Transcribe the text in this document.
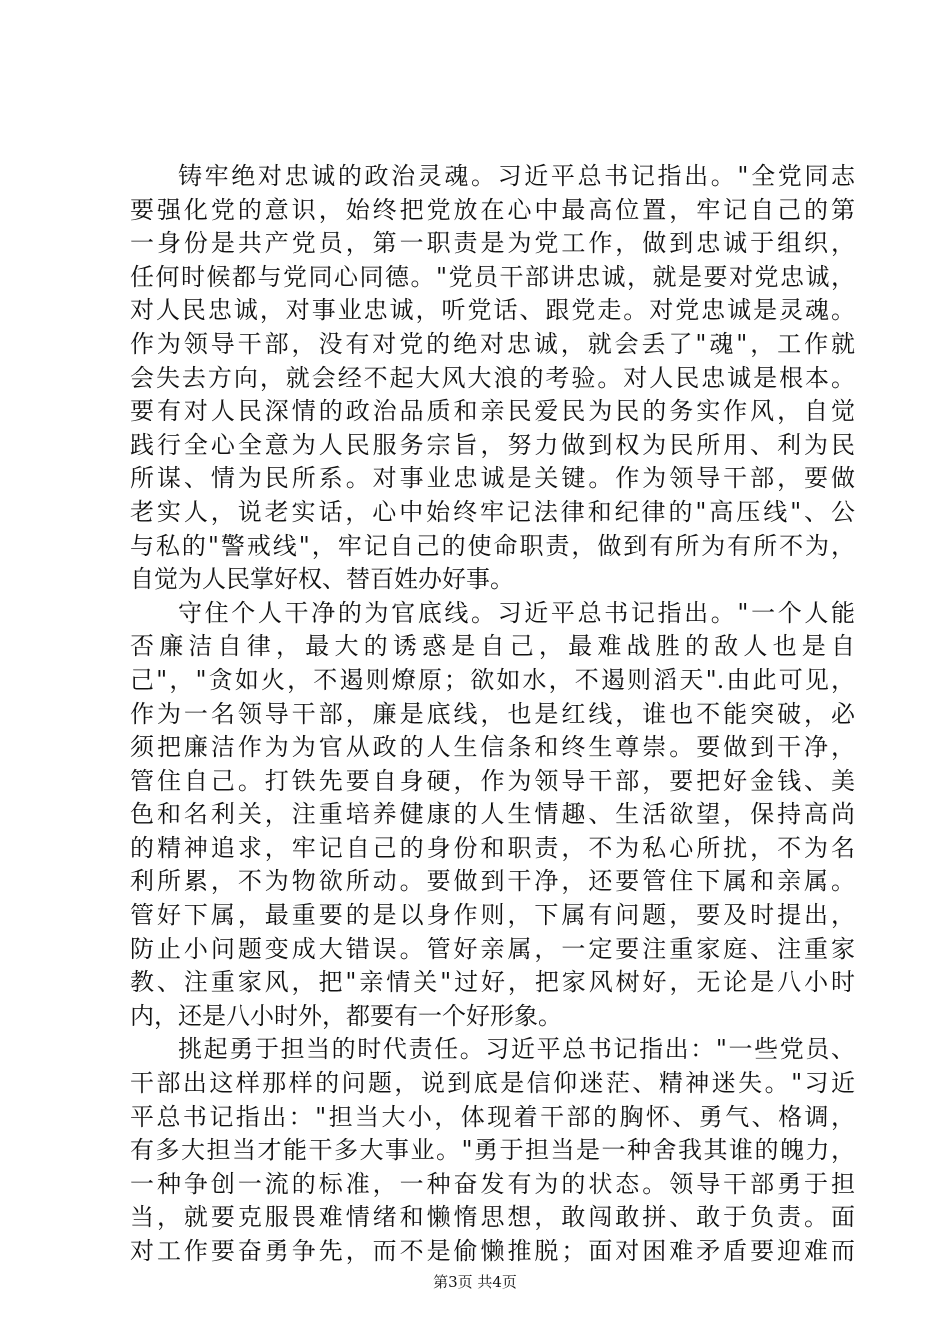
铸牢绝对忠诚的政治灵魂。习近平总书记指出。"全党同志
要强化党的意识，始终把党放在心中最高位置，牢记自己的第
一身份是共产党员，第一职责是为党工作，做到忠诚于组织，
任何时候都与党同心同德。"党员干部讲忠诚，就是要对党忠诚，
对人民忠诚，对事业忠诚，听党话、跟党走。对党忠诚是灵魂。
作为领导干部，没有对党的绝对忠诚，就会丢了"魂"，工作就
会失去方向，就会经不起大风大浪的考验。对人民忠诚是根本。
要有对人民深情的政治品质和亲民爱民为民的务实作风，自觉
践行全心全意为人民服务宗旨，努力做到权为民所用、利为民
所谋、情为民所系。对事业忠诚是关键。作为领导干部，要做
老实人，说老实话，心中始终牢记法律和纪律的"高压线"、公
与私的"警戒线"，牢记自己的使命职责，做到有所为有所不为，
自觉为人民掌好权、替百姓办好事。
守住个人干净的为官底线。习近平总书记指出。"一个人能
否廉洁自律，最大的诱惑是自己，最难战胜的敌人也是自
己"，"贪如火，不遏则燎原；欲如水，不遏则滔天".由此可见，
作为一名领导干部，廉是底线，也是红线，谁也不能突破，必
须把廉洁作为为官从政的人生信条和终生尊崇。要做到干净，
管住自己。打铁先要自身硬，作为领导干部，要把好金钱、美
色和名利关，注重培养健康的人生情趣、生活欲望，保持高尚
的精神追求，牢记自己的身份和职责，不为私心所扰，不为名
利所累，不为物欲所动。要做到干净，还要管住下属和亲属。
管好下属，最重要的是以身作则，下属有问题，要及时提出，
防止小问题变成大错误。管好亲属，一定要注重家庭、注重家
教、注重家风，把"亲情关"过好，把家风树好，无论是八小时
内，还是八小时外，都要有一个好形象。
挑起勇于担当的时代责任。习近平总书记指出："一些党员、
干部出这样那样的问题，说到底是信仰迷茫、精神迷失。"习近
平总书记指出："担当大小，体现着干部的胸怀、勇气、格调，
有多大担当才能干多大事业。"勇于担当是一种舍我其谁的魄力，
一种争创一流的标准，一种奋发有为的状态。领导干部勇于担
当，就要克服畏难情绪和懒惰思想，敢闯敢拼、敢于负责。面
对工作要奋勇争先，而不是偷懒推脱；面对困难矛盾要迎难而
第3页 共4页
